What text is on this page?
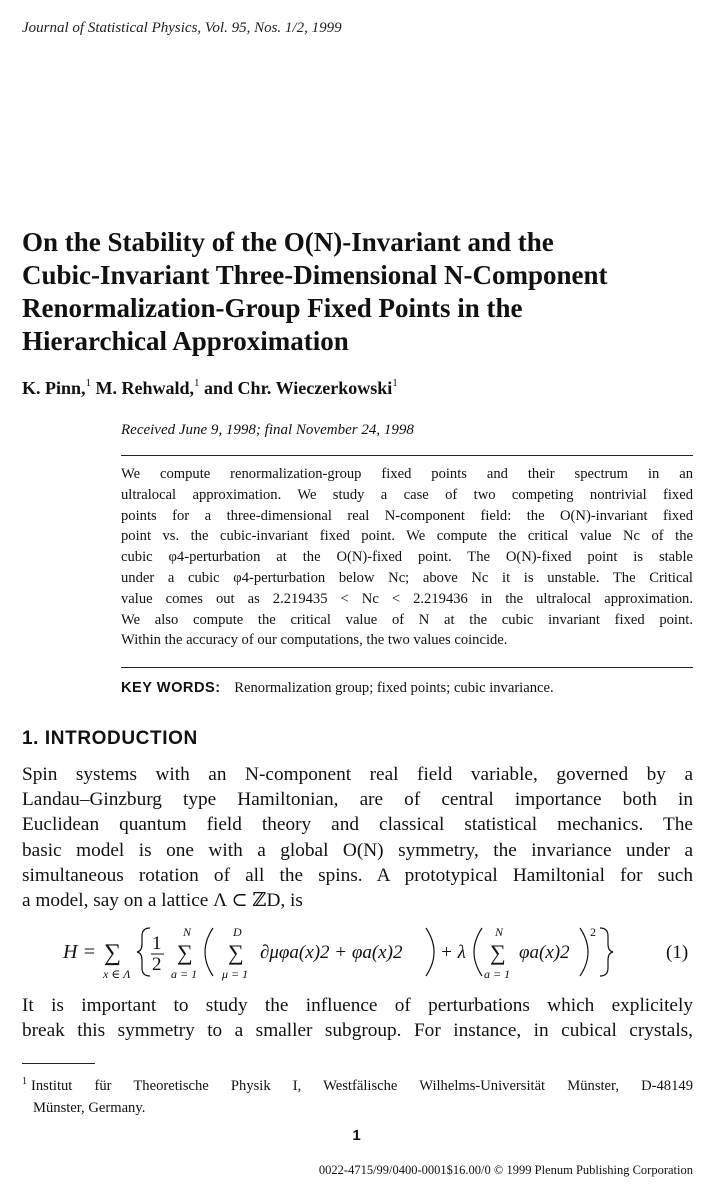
Journal of Statistical Physics, Vol. 95, Nos. 1/2, 1999
On the Stability of the O(N)-Invariant and the
Cubic-Invariant Three-Dimensional N-Component
Renormalization-Group Fixed Points in the
Hierarchical Approximation
K. Pinn,$^1$ M. Rehwald,$^1$ and Chr. Wieczerkowski$^1$
Received June 9, 1998; final November 24, 1998
We compute renormalization-group fixed points and their spectrum in an
ultralocal approximation. We study a case of two competing nontrivial fixed
points for a three-dimensional real N-component field: the O(N)-invariant fixed
point vs. the cubic-invariant fixed point. We compute the critical value Nc of the
cubic φ4-perturbation at the O(N)-fixed point. The O(N)-fixed point is stable
under a cubic φ4-perturbation below Nc; above Nc it is unstable. The Critical
value comes out as 2.219435 < Nc < 2.219436 in the ultralocal approximation.
We also compute the critical value of N at the cubic invariant fixed point.
Within the accuracy of our computations, the two values coincide.
KEY WORDS: Renormalization group; fixed points; cubic invariance.
1. INTRODUCTION
Spin systems with an N-component real field variable, governed by a
Landau–Ginzburg type Hamiltonian, are of central importance both in
Euclidean quantum field theory and classical statistical mechanics. The
basic model is one with a global O(N) symmetry, the invariance under a
simultaneous rotation of all the spins. A prototypical Hamiltonial for such
a model, say on a lattice Λ ⊂ ℤD, is
H = ∑
x ∈ Λ
1
2
N
∑
a = 1
D
∑
μ = 1
∂μφa(x)2 + φa(x)2 + λ
N
∑
a = 1
φa(x)2
2
(1)
It is important to study the influence of perturbations which explicitely
break this symmetry to a smaller subgroup. For instance, in cubical crystals,
$^1$ Institut für Theoretische Physik I, Westfälische Wilhelms-Universität Münster, D-48149
Münster, Germany.
1
0022-4715/99/0400-0001$16.00/0 © 1999 Plenum Publishing Corporation
